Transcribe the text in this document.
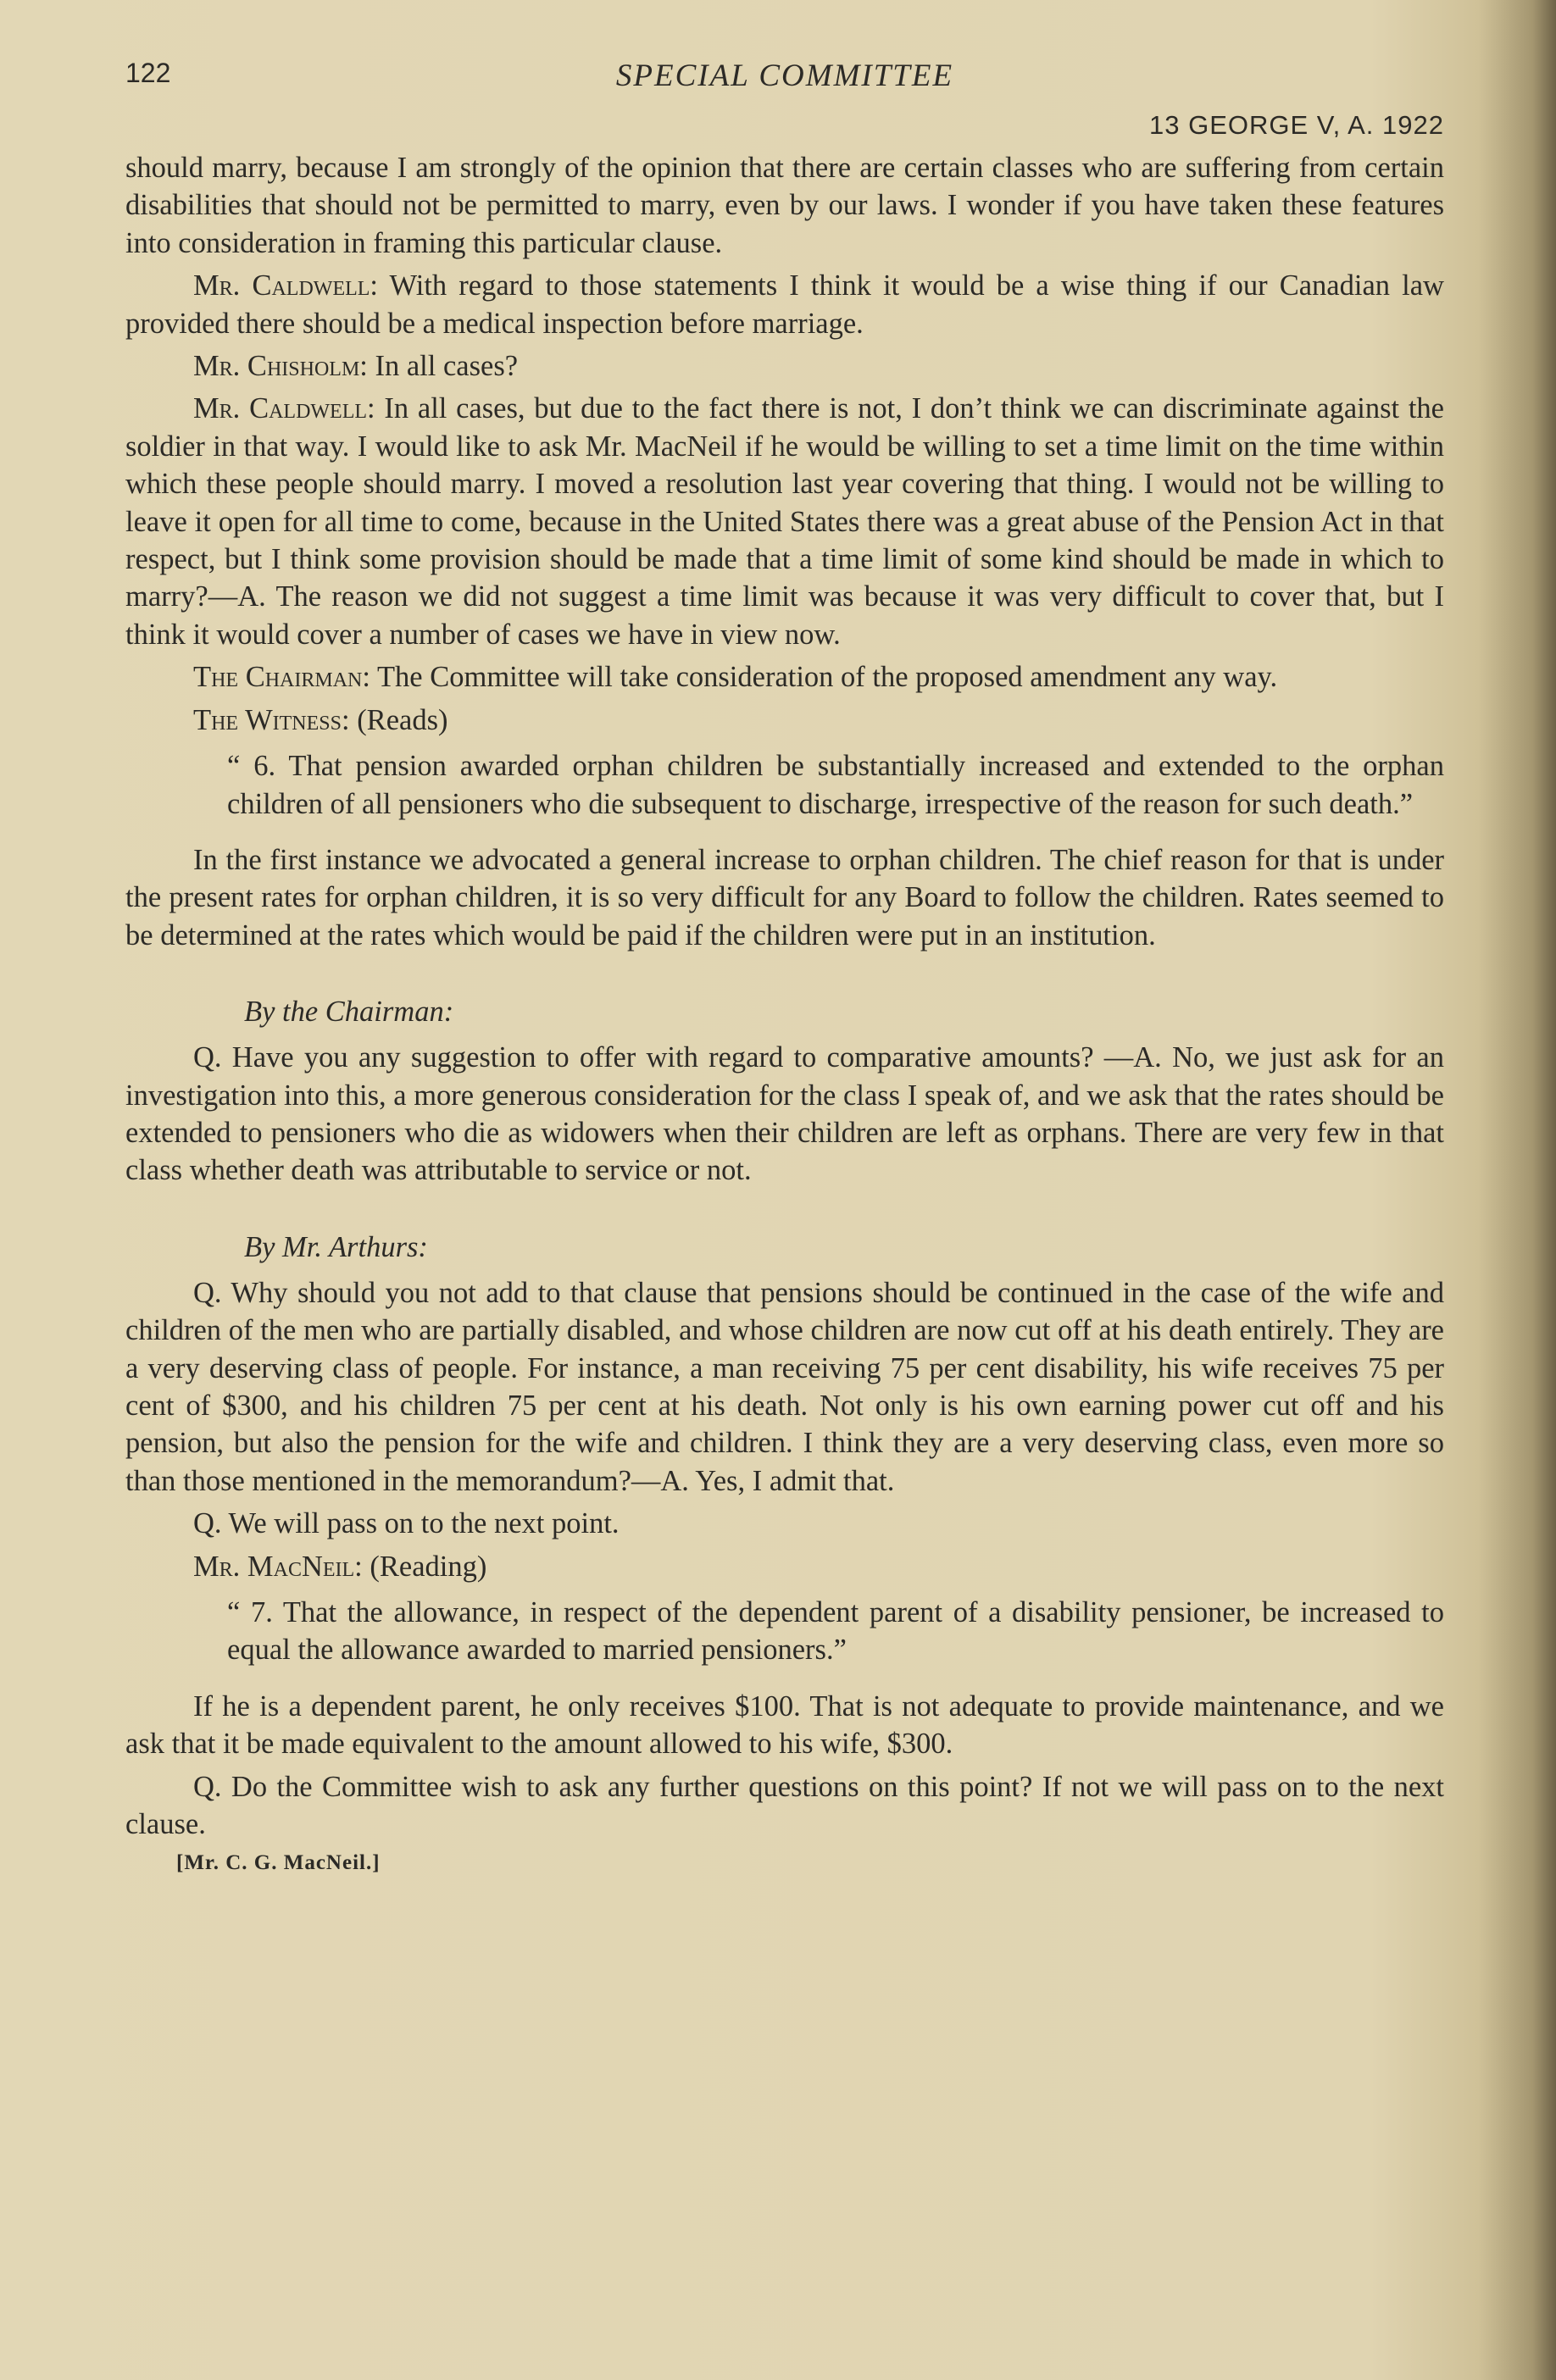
122	SPECIAL COMMITTEE
13 GEORGE V, A. 1922

should marry, because I am strongly of the opinion that there are certain classes who are suffering from certain disabilities that should not be permitted to marry, even by our laws. I wonder if you have taken these features into consideration in framing this particular clause.

Mr. Caldwell: With regard to those statements I think it would be a wise thing if our Canadian law provided there should be a medical inspection before marriage.

Mr. Chisholm: In all cases?

Mr. Caldwell: In all cases, but due to the fact there is not, I don’t think we can discriminate against the soldier in that way. I would like to ask Mr. MacNeil if he would be willing to set a time limit on the time within which these people should marry. I moved a resolution last year covering that thing. I would not be willing to leave it open for all time to come, because in the United States there was a great abuse of the Pension Act in that respect, but I think some provision should be made that a time limit of some kind should be made in which to marry?—A. The reason we did not suggest a time limit was because it was very difficult to cover that, but I think it would cover a number of cases we have in view now.

The Chairman: The Committee will take consideration of the proposed amendment any way.

The Witness: (Reads)

“ 6. That pension awarded orphan children be substantially increased and extended to the orphan children of all pensioners who die subsequent to discharge, irrespective of the reason for such death.”

In the first instance we advocated a general increase to orphan children. The chief reason for that is under the present rates for orphan children, it is so very difficult for any Board to follow the children. Rates seemed to be determined at the rates which would be paid if the children were put in an institution.

By the Chairman:

Q. Have you any suggestion to offer with regard to comparative amounts? —A. No, we just ask for an investigation into this, a more generous consideration for the class I speak of, and we ask that the rates should be extended to pensioners who die as widowers when their children are left as orphans. There are very few in that class whether death was attributable to service or not.

By Mr. Arthurs:

Q. Why should you not add to that clause that pensions should be continued in the case of the wife and children of the men who are partially disabled, and whose children are now cut off at his death entirely. They are a very deserving class of people. For instance, a man receiving 75 per cent disability, his wife receives 75 per cent of $300, and his children 75 per cent at his death. Not only is his own earning power cut off and his pension, but also the pension for the wife and children. I think they are a very deserving class, even more so than those mentioned in the memorandum?—A. Yes, I admit that.

Q. We will pass on to the next point.

Mr. MacNeil: (Reading)

“ 7. That the allowance, in respect of the dependent parent of a disability pensioner, be increased to equal the allowance awarded to married pensioners.”

If he is a dependent parent, he only receives $100. That is not adequate to provide maintenance, and we ask that it be made equivalent to the amount allowed to his wife, $300.

Q. Do the Committee wish to ask any further questions on this point? If not we will pass on to the next clause.

[Mr. C. G. MacNeil.]
